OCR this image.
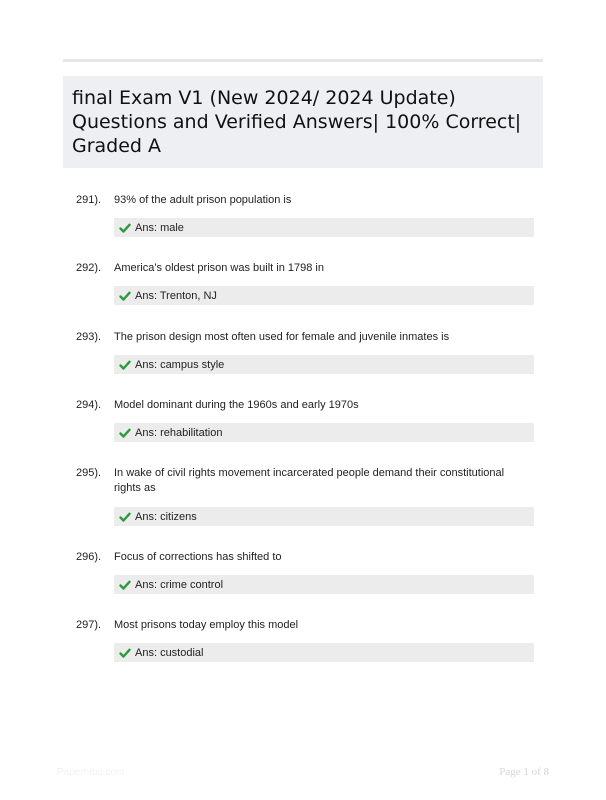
final Exam V1 (New 2024/ 2024 Update) Questions and Verified Answers| 100% Correct| Graded A
291). 93% of the adult prison population is
Ans: male
292). America's oldest prison was built in 1798 in
Ans: Trenton, NJ
293). The prison design most often used for female and juvenile inmates is
Ans: campus style
294). Model dominant during the 1960s and early 1970s
Ans: rehabilitation
295). In wake of civil rights movement incarcerated people demand their constitutional rights as
Ans: citizens
296). Focus of corrections has shifted to
Ans: crime control
297). Most prisons today employ this model
Ans: custodial
Paperhtbc.com	Page 1 of 8
